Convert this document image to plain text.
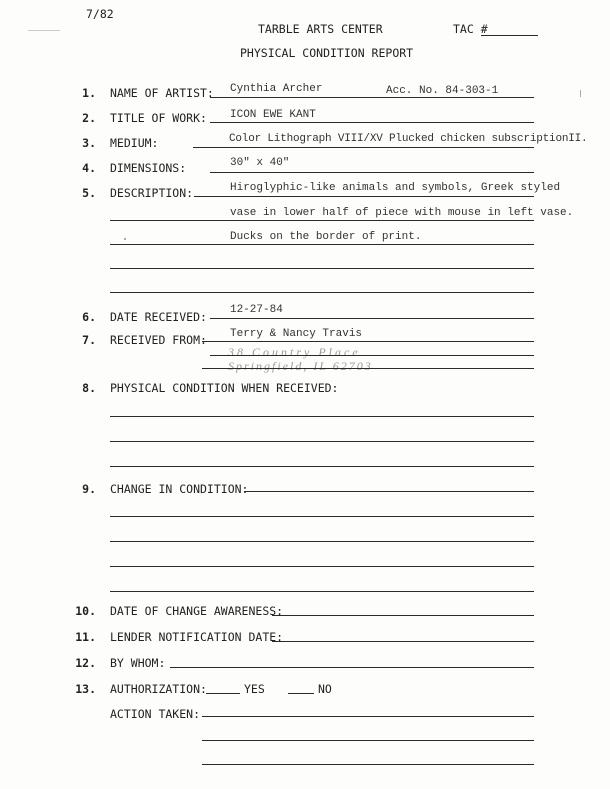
7/82
TARBLE ARTS CENTER	TAC #
PHYSICAL CONDITION REPORT
1. NAME OF ARTIST: Cynthia Archer	Acc. No. 84-303-1
2. TITLE OF WORK: ICON EWE KANT
3. MEDIUM:	Color Lithograph VIII/XV Plucked chicken subscriptionII.
4. DIMENSIONS:	30" x 40"
5. DESCRIPTION:	Hiroglyphic-like animals and symbols, Greek styled
vase in lower half of piece with mouse in left vase.
Ducks on the border of print.
6. DATE RECEIVED: 12-27-84
7. RECEIVED FROM: Terry & Nancy Travis
38 Country Place
Springfield, IL 62703
8. PHYSICAL CONDITION WHEN RECEIVED:
9. CHANGE IN CONDITION:
10. DATE OF CHANGE AWARENESS:
11. LENDER NOTIFICATION DATE:
12. BY WHOM:
13. AUTHORIZATION:	YES	NO
ACTION TAKEN:
